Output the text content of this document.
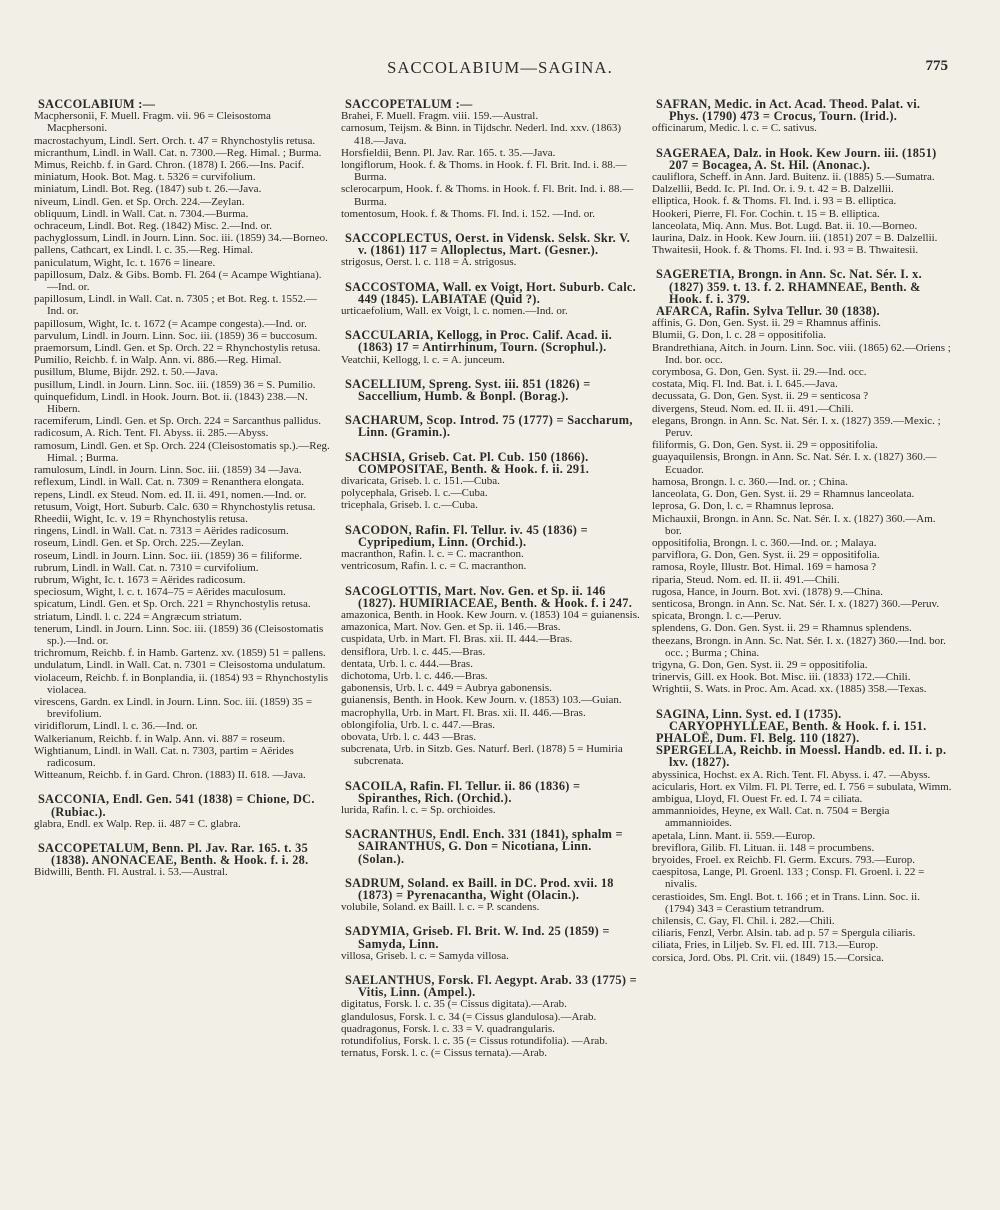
SACCOLABIUM—SAGINA.	775
SACCOLABIUM :—
Macphersonii, F. Muell. Fragm. vii. 96 = Cleisostoma Macphersoni.
macrostachyum, Lindl. Sert. Orch. t. 47 = Rhynchostylis retusa.
micranthum, Lindl. in Wall. Cat. n. 7300.—Reg. Himal. ; Burma.
Mimus, Reichb. f. in Gard. Chron. (1878) I. 266.—Ins. Pacif.
miniatum, Hook. Bot. Mag. t. 5326 = curvifolium.
miniatum, Lindl. Bot. Reg. (1847) sub t. 26.—Java.
niveum, Lindl. Gen. et Sp. Orch. 224.—Zeylan.
obliquum, Lindl. in Wall. Cat. n. 7304.—Burma.
ochraceum, Lindl. Bot. Reg. (1842) Misc. 2.—Ind. or.
pachyglossum, Lindl. in Journ. Linn. Soc. iii. (1859) 34.—Borneo.
pallens, Cathcart, ex Lindl. l. c. 35.—Reg. Himal.
paniculatum, Wight, Ic. t. 1676 = lineare.
papillosum, Dalz. & Gibs. Bomb. Fl. 264 (= Acampe Wightiana).—Ind. or.
papillosum, Lindl. in Wall. Cat. n. 7305 ; et Bot. Reg. t. 1552.—Ind. or.
papillosum, Wight, Ic. t. 1672 (= Acampe congesta).—Ind. or.
parvulum, Lindl. in Journ. Linn. Soc. iii. (1859) 36 = buccosum.
praemorsum, Lindl. Gen. et Sp. Orch. 22 = Rhynchostylis retusa.
Pumilio, Reichb. f. in Walp. Ann. vi. 886.—Reg. Himal.
pusillum, Blume, Bijdr. 292. t. 50.—Java.
pusillum, Lindl. in Journ. Linn. Soc. iii. (1859) 36 = S. Pumilio.
quinquefidum, Lindl. in Hook. Journ. Bot. ii. (1843) 238.—N. Hibern.
racemiferum, Lindl. Gen. et Sp. Orch. 224 = Sarcanthus pallidus.
radicosum, A. Rich. Tent. Fl. Abyss. ii. 285.—Abyss.
ramosum, Lindl. Gen. et Sp. Orch. 224 (Cleisostomatis sp.).—Reg. Himal. ; Burma.
ramulosum, Lindl. in Journ. Linn. Soc. iii. (1859) 34 —Java.
reflexum, Lindl. in Wall. Cat. n. 7309 = Renanthera elongata.
repens, Lindl. ex Steud. Nom. ed. II. ii. 491, nomen.—Ind. or.
retusum, Voigt, Hort. Suburb. Calc. 630 = Rhynchostylis retusa.
Rheedii, Wight, Ic. v. 19 = Rhynchostylis retusa.
ringens, Lindl. in Wall. Cat. n. 7313 = Aërides radicosum.
roseum, Lindl. Gen. et Sp. Orch. 225.—Zeylan.
roseum, Lindl. in Journ. Linn. Soc. iii. (1859) 36 = filiforme.
rubrum, Lindl. in Wall. Cat. n. 7310 = curvifolium.
rubrum, Wight, Ic. t. 1673 = Aërides radicosum.
speciosum, Wight, l. c. t. 1674–75 = Aërides maculosum.
spicatum, Lindl. Gen. et Sp. Orch. 221 = Rhynchostylis retusa.
striatum, Lindl. l. c. 224 = Angræcum striatum.
tenerum, Lindl. in Journ. Linn. Soc. iii. (1859) 36 (Cleisostomatis sp.).—Ind. or.
trichromum, Reichb. f. in Hamb. Gartenz. xv. (1859) 51 = pallens.
undulatum, Lindl. in Wall. Cat. n. 7301 = Cleisostoma undulatum.
violaceum, Reichb. f. in Bonplandia, ii. (1854) 93 = Rhynchostylis violacea.
virescens, Gardn. ex Lindl. in Journ. Linn. Soc. iii. (1859) 35 = brevifolium.
viridiflorum, Lindl. l. c. 36.—Ind. or.
Walkerianum, Reichb. f. in Walp. Ann. vi. 887 = roseum.
Wightianum, Lindl. in Wall. Cat. n. 7303, partim = Aërides radicosum.
Witteanum, Reichb. f. in Gard. Chron. (1883) II. 618. —Java.
SACCONIA, Endl. Gen. 541 (1838) = Chione, DC. (Rubiac.).
glabra, Endl. ex Walp. Rep. ii. 487 = C. glabra.
SACCOPETALUM, Benn. Pl. Jav. Rar. 165. t. 35 (1838). ANONACEAE, Benth. & Hook. f. i. 28.
Bidwilli, Benth. Fl. Austral. i. 53.—Austral.
SACCOPETALUM :—
Brahei, F. Muell. Fragm. viii. 159.—Austral.
carnosum, Teijsm. & Binn. in Tijdschr. Nederl. Ind. xxv. (1863) 418.—Java.
Horsfieldii, Benn. Pl. Jav. Rar. 165. t. 35.—Java.
longiflorum, Hook. f. & Thoms. in Hook. f. Fl. Brit. Ind. i. 88.—Burma.
sclerocarpum, Hook. f. & Thoms. in Hook. f. Fl. Brit. Ind. i. 88.—Burma.
tomentosum, Hook. f. & Thoms. Fl. Ind. i. 152. —Ind. or.
SACCOPLECTUS, Oerst. in Vidensk. Selsk. Skr. V. v. (1861) 117 = Alloplectus, Mart. (Gesner.).
strigosus, Oerst. l. c. 118 = A. strigosus.
SACCOSTOMA, Wall. ex Voigt, Hort. Suburb. Calc. 449 (1845). LABIATAE (Quid ?).
urticaefolium, Wall. ex Voigt, l. c. nomen.—Ind. or.
SACCULARIA, Kellogg, in Proc. Calif. Acad. ii. (1863) 17 = Antirrhinum, Tourn. (Scrophul.).
Veatchii, Kellogg, l. c. = A. junceum.
SACELLIUM, Spreng. Syst. iii. 851 (1826) = Saccellium, Humb. & Bonpl. (Borag.).
SACHARUM, Scop. Introd. 75 (1777) = Saccharum, Linn. (Gramin.).
SACHSIA, Griseb. Cat. Pl. Cub. 150 (1866). COMPOSITAE, Benth. & Hook. f. ii. 291.
divaricata, Griseb. l. c. 151.—Cuba.
polycephala, Griseb. l. c.—Cuba.
tricephala, Griseb. l. c.—Cuba.
SACODON, Rafin. Fl. Tellur. iv. 45 (1836) = Cypripedium, Linn. (Orchid.).
macranthon, Rafin. l. c. = C. macranthon.
ventricosum, Rafin. l. c. = C. macranthon.
SACOGLOTTIS, Mart. Nov. Gen. et Sp. ii. 146 (1827). HUMIRIACEAE, Benth. & Hook. f. i 247.
amazonica, Benth. in Hook. Kew Journ. v. (1853) 104 = guianensis.
amazonica, Mart. Nov. Gen. et Sp. ii. 146.—Bras.
cuspidata, Urb. in Mart. Fl. Bras. xii. II. 444.—Bras.
densiflora, Urb. l. c. 445.—Bras.
dentata, Urb. l. c. 444.—Bras.
dichotoma, Urb. l. c. 446.—Bras.
gabonensis, Urb. l. c. 449 = Aubrya gabonensis.
guianensis, Benth. in Hook. Kew Journ. v. (1853) 103.—Guian.
macrophylla, Urb. in Mart. Fl. Bras. xii. II. 446.—Bras.
oblongifolia, Urb. l. c. 447.—Bras.
obovata, Urb. l. c. 443 —Bras.
subcrenata, Urb. in Sitzb. Ges. Naturf. Berl. (1878) 5 = Humiria subcrenata.
SACOILA, Rafin. Fl. Tellur. ii. 86 (1836) = Spiranthes, Rich. (Orchid.).
lurida, Rafin. l. c. = Sp. orchioides.
SACRANTHUS, Endl. Ench. 331 (1841), sphalm = SAIRANTHUS, G. Don = Nicotiana, Linn. (Solan.).
SADRUM, Soland. ex Baill. in DC. Prod. xvii. 18 (1873) = Pyrenacantha, Wight (Olacin.).
volubile, Soland. ex Baill. l. c. = P. scandens.
SADYMIA, Griseb. Fl. Brit. W. Ind. 25 (1859) = Samyda, Linn.
villosa, Griseb. l. c. = Samyda villosa.
SAELANTHUS, Forsk. Fl. Aegypt. Arab. 33 (1775) = Vitis, Linn. (Ampel.).
digitatus, Forsk. l. c. 35 (= Cissus digitata).—Arab.
glandulosus, Forsk. l. c. 34 (= Cissus glandulosa).—Arab.
quadragonus, Forsk. l. c. 33 = V. quadrangularis.
rotundifolius, Forsk. l. c. 35 (= Cissus rotundifolia). —Arab.
ternatus, Forsk. l. c. (= Cissus ternata).—Arab.
SAFRAN, Medic. in Act. Acad. Theod. Palat. vi. Phys. (1790) 473 = Crocus, Tourn. (Irid.).
officinarum, Medic. l. c. = C. sativus.
SAGERAEA, Dalz. in Hook. Kew Journ. iii. (1851) 207 = Bocagea, A. St. Hil. (Anonac.).
cauliflora, Scheff. in Ann. Jard. Buitenz. ii. (1885) 5.—Sumatra.
Dalzellii, Bedd. Ic. Pl. Ind. Or. i. 9. t. 42 = B. Dalzellii.
elliptica, Hook. f. & Thoms. Fl. Ind. i. 93 = B. elliptica.
Hookeri, Pierre, Fl. For. Cochin. t. 15 = B. elliptica.
lanceolata, Miq. Ann. Mus. Bot. Lugd. Bat. ii. 10.—Borneo.
laurina, Dalz. in Hook. Kew Journ. iii. (1851) 207 = B. Dalzellii.
Thwaitesii, Hook. f. & Thoms. Fl. Ind. i. 93 = B. Thwaitesii.
SAGERETIA, Brongn. in Ann. Sc. Nat. Sér. I. x. (1827) 359. t. 13. f. 2. RHAMNEAE, Benth. & Hook. f. i. 379.
AFARCA, Rafin. Sylva Tellur. 30 (1838).
affinis, G. Don, Gen. Syst. ii. 29 = Rhamnus affinis.
Blumii, G. Don, l. c. 28 = oppositifolia.
Brandrethiana, Aitch. in Journ. Linn. Soc. viii. (1865) 62.—Oriens ; Ind. bor. occ.
corymbosa, G. Don, Gen. Syst. ii. 29.—Ind. occ.
costata, Miq. Fl. Ind. Bat. i. I. 645.—Java.
decussata, G. Don, Gen. Syst. ii. 29 = senticosa ?
divergens, Steud. Nom. ed. II. ii. 491.—Chili.
elegans, Brongn. in Ann. Sc. Nat. Sér. I. x. (1827) 359.—Mexic. ; Peruv.
filiformis, G. Don, Gen. Syst. ii. 29 = oppositifolia.
guayaquilensis, Brongn. in Ann. Sc. Nat. Sér. I. x. (1827) 360.—Ecuador.
hamosa, Brongn. l. c. 360.—Ind. or. ; China.
lanceolata, G. Don, Gen. Syst. ii. 29 = Rhamnus lanceolata.
leprosa, G. Don, l. c. = Rhamnus leprosa.
Michauxii, Brongn. in Ann. Sc. Nat. Sér. I. x. (1827) 360.—Am. bor.
oppositifolia, Brongn. l. c. 360.—Ind. or. ; Malaya.
parviflora, G. Don, Gen. Syst. ii. 29 = oppositifolia.
ramosa, Royle, Illustr. Bot. Himal. 169 = hamosa ?
riparia, Steud. Nom. ed. II. ii. 491.—Chili.
rugosa, Hance, in Journ. Bot. xvi. (1878) 9.—China.
senticosa, Brongn. in Ann. Sc. Nat. Sér. I. x. (1827) 360.—Peruv.
spicata, Brongn. l. c.—Peruv.
splendens, G. Don. Gen. Syst. ii. 29 = Rhamnus splendens.
theezans, Brongn. in Ann. Sc. Nat. Sér. I. x. (1827) 360.—Ind. bor. occ. ; Burma ; China.
trigyna, G. Don, Gen. Syst. ii. 29 = oppositifolia.
trinervis, Gill. ex Hook. Bot. Misc. iii. (1833) 172.—Chili.
Wrightii, S. Wats. in Proc. Am. Acad. xx. (1885) 358.—Texas.
SAGINA, Linn. Syst. ed. I (1735). CARYOPHYLLEAE, Benth. & Hook. f. i. 151.
PHALOË, Dum. Fl. Belg. 110 (1827).
SPERGELLA, Reichb. in Moessl. Handb. ed. II. i. p. lxv. (1827).
abyssinica, Hochst. ex A. Rich. Tent. Fl. Abyss. i. 47. —Abyss.
acicularis, Hort. ex Vilm. Fl. Pl. Terre, ed. I. 756 = subulata, Wimm.
ambigua, Lloyd, Fl. Ouest Fr. ed. I. 74 = ciliata.
ammannioides, Heyne, ex Wall. Cat. n. 7504 = Bergia ammannioides.
apetala, Linn. Mant. ii. 559.—Europ.
breviflora, Gilib. Fl. Lituan. ii. 148 = procumbens.
bryoides, Froel. ex Reichb. Fl. Germ. Excurs. 793.—Europ.
caespitosa, Lange, Pl. Groenl. 133 ; Consp. Fl. Groenl. i. 22 = nivalis.
cerastioides, Sm. Engl. Bot. t. 166 ; et in Trans. Linn. Soc. ii. (1794) 343 = Cerastium tetrandrum.
chilensis, C. Gay, Fl. Chil. i. 282.—Chili.
ciliaris, Fenzl, Verbr. Alsin. tab. ad p. 57 = Spergula ciliaris.
ciliata, Fries, in Liljeb. Sv. Fl. ed. III. 713.—Europ.
corsica, Jord. Obs. Pl. Crit. vii. (1849) 15.—Corsica.
